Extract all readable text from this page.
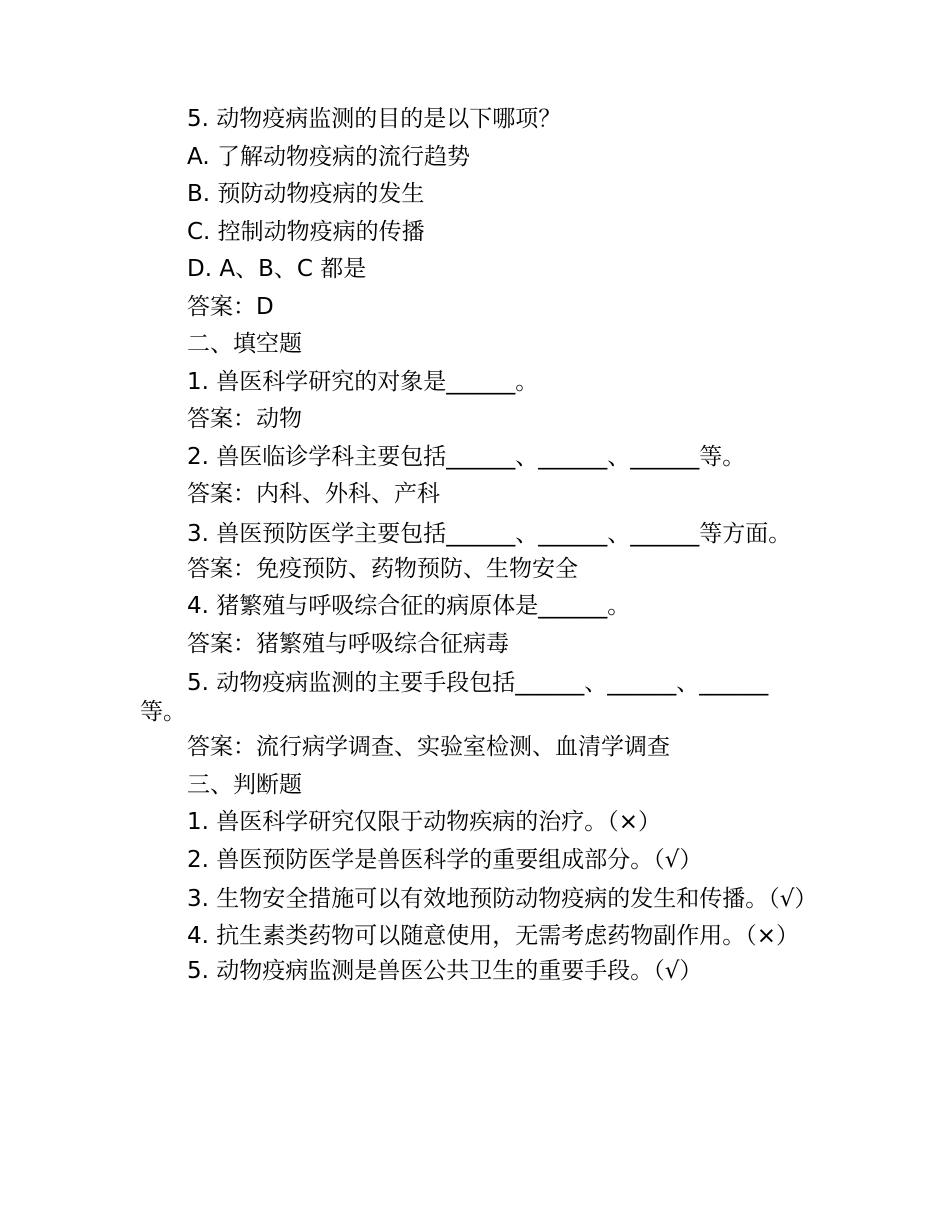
5. 动物疫病监测的目的是以下哪项？

A. 了解动物疫病的流行趋势

B. 预防动物疫病的发生

C. 控制动物疫病的传播

D. A、B、C 都是

答案：D

二、填空题

1. 兽医科学研究的对象是______。

答案：动物

2. 兽医临诊学科主要包括______、______、______等。

答案：内科、外科、产科

3. 兽医预防医学主要包括______、______、______等方面。

答案：免疫预防、药物预防、生物安全

4. 猪繁殖与呼吸综合征的病原体是______。

答案：猪繁殖与呼吸综合征病毒

5. 动物疫病监测的主要手段包括______、______、______等。

答案：流行病学调查、实验室检测、血清学调查

三、判断题

1. 兽医科学研究仅限于动物疾病的治疗。（×）

2. 兽医预防医学是兽医科学的重要组成部分。（√）

3. 生物安全措施可以有效地预防动物疫病的发生和传播。（√）

4. 抗生素类药物可以随意使用，无需考虑药物副作用。（×）

5. 动物疫病监测是兽医公共卫生的重要手段。（√）
